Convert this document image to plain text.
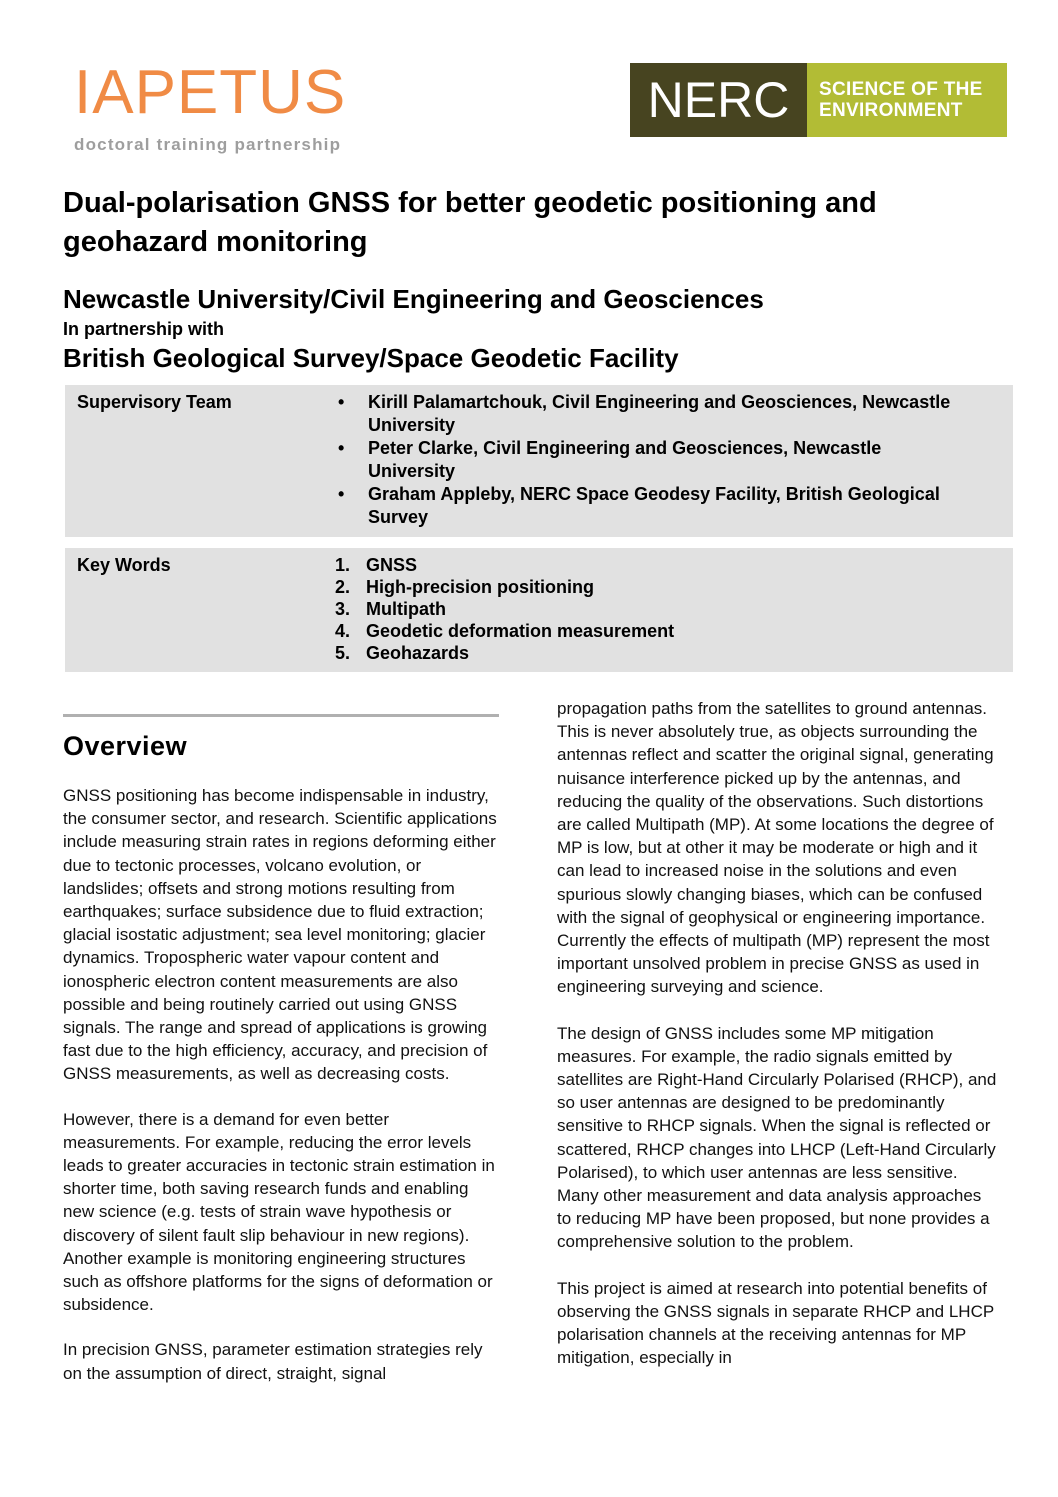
IAPETUS
doctoral training partnership
NERC	SCIENCE OF THE
ENVIRONMENT
Dual-polarisation GNSS for better geodetic positioning and geohazard monitoring
Newcastle University/Civil Engineering and Geosciences

In partnership with

British Geological Survey/Space Geodetic Facility
Supervisory Team	• Kirill Palamartchouk, Civil Engineering and Geosciences, Newcastle University
• Peter Clarke, Civil Engineering and Geosciences, Newcastle University
• Graham Appleby, NERC Space Geodesy Facility, British Geological Survey
Key Words	GNSS
High-precision positioning
Multipath
Geodetic deformation measurement
Geohazards
Overview

GNSS positioning has become indispensable in industry, the consumer sector, and research. Scientific applications include measuring strain rates in regions deforming either due to tectonic processes, volcano evolution, or landslides; offsets and strong motions resulting from earthquakes; surface subsidence due to fluid extraction; glacial isostatic adjustment; sea level monitoring; glacier dynamics. Tropospheric water vapour content and ionospheric electron content measurements are also possible and being routinely carried out using GNSS signals. The range and spread of applications is growing fast due to the high efficiency, accuracy, and precision of GNSS measurements, as well as decreasing costs.

However, there is a demand for even better measurements. For example, reducing the error levels leads to greater accuracies in tectonic strain estimation in shorter time, both saving research funds and enabling new science (e.g. tests of strain wave hypothesis or discovery of silent fault slip behaviour in new regions). Another example is monitoring engineering structures such as offshore platforms for the signs of deformation or subsidence.

In precision GNSS, parameter estimation strategies rely on the assumption of direct, straight, signal

propagation paths from the satellites to ground antennas. This is never absolutely true, as objects surrounding the antennas reflect and scatter the original signal, generating nuisance interference picked up by the antennas, and reducing the quality of the observations. Such distortions are called Multipath (MP). At some locations the degree of MP is low, but at other it may be moderate or high and it can lead to increased noise in the solutions and even spurious slowly changing biases, which can be confused with the signal of geophysical or engineering importance. Currently the effects of multipath (MP) represent the most important unsolved problem in precise GNSS as used in engineering surveying and science.

The design of GNSS includes some MP mitigation measures. For example, the radio signals emitted by satellites are Right-Hand Circularly Polarised (RHCP), and so user antennas are designed to be predominantly sensitive to RHCP signals. When the signal is reflected or scattered, RHCP changes into LHCP (Left-Hand Circularly Polarised), to which user antennas are less sensitive. Many other measurement and data analysis approaches to reducing MP have been proposed, but none provides a comprehensive solution to the problem.

This project is aimed at research into potential benefits of observing the GNSS signals in separate RHCP and LHCP polarisation channels at the receiving antennas for MP mitigation, especially in
